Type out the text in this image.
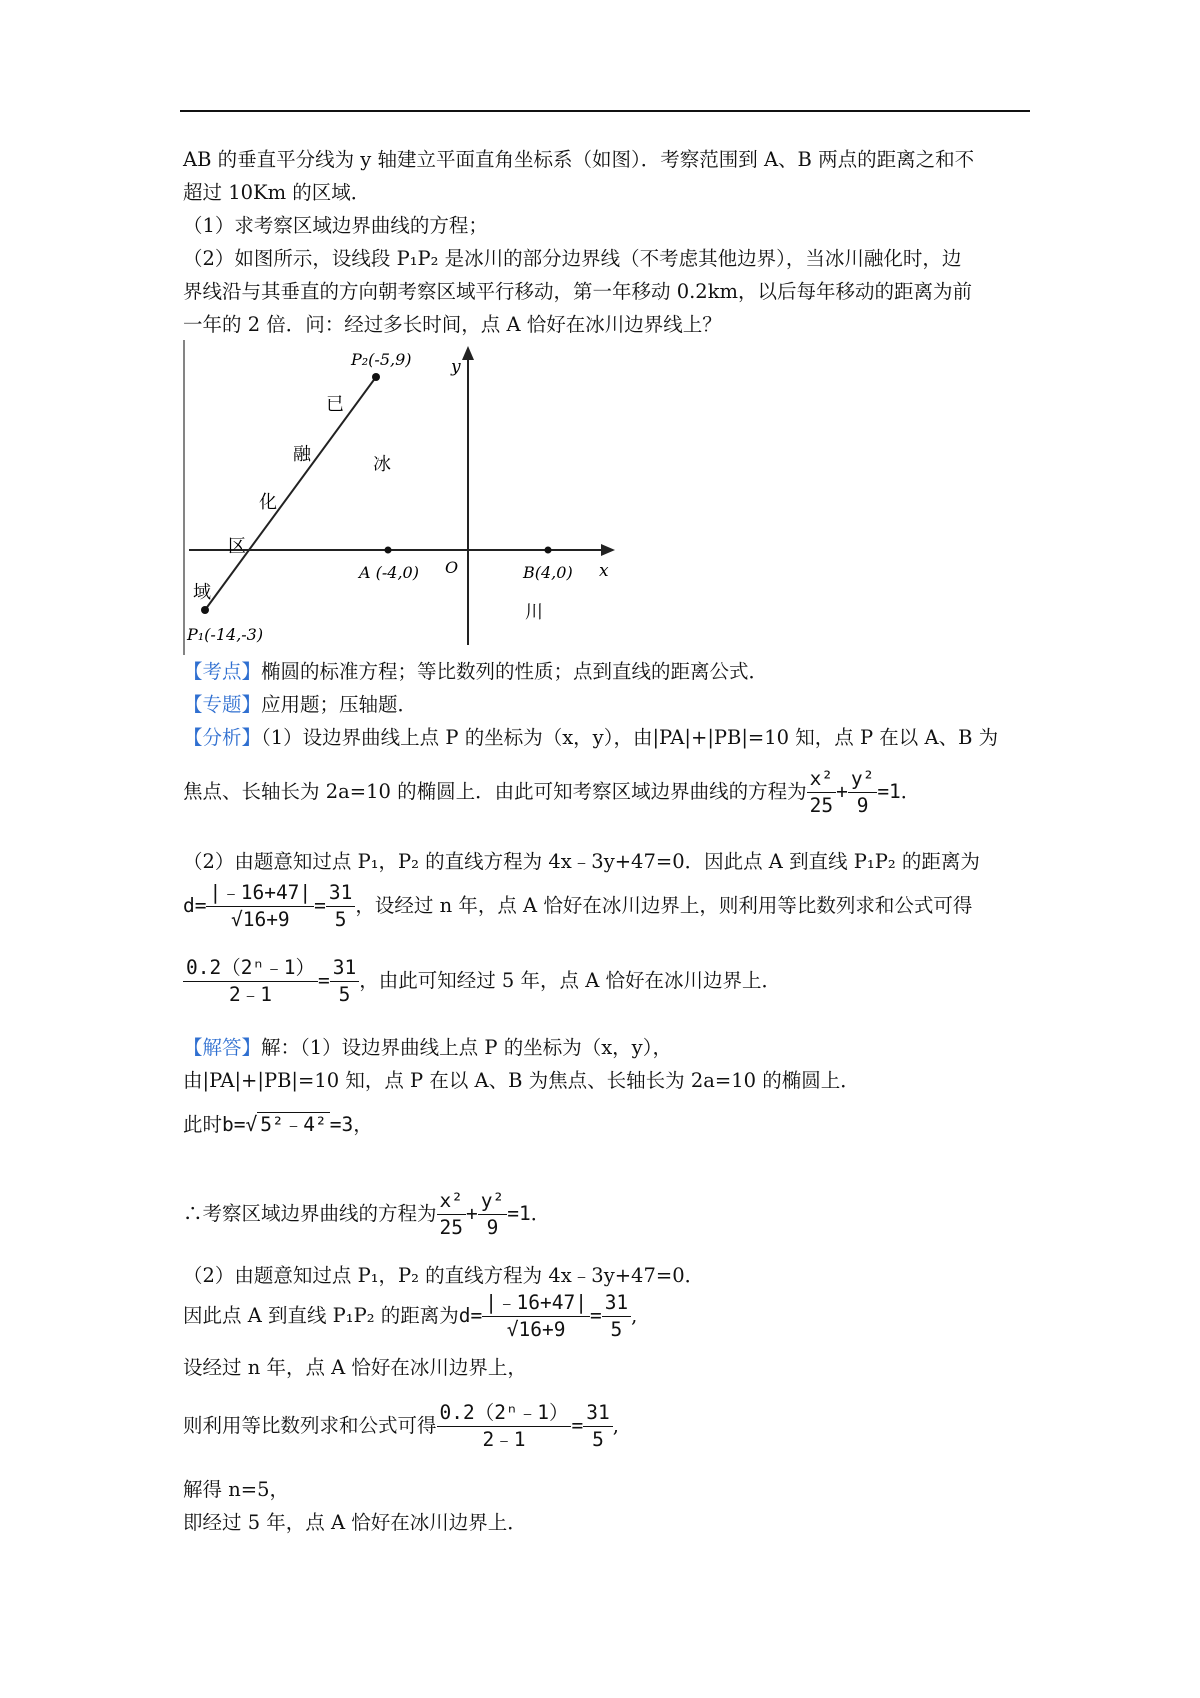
AB 的垂直平分线为 y 轴建立平面直角坐标系（如图）．考察范围到 A、B 两点的距离之和不
超过 10Km 的区域．
（1）求考察区域边界曲线的方程；
（2）如图所示，设线段 P₁P₂ 是冰川的部分边界线（不考虑其他边界），当冰川融化时，边
界线沿与其垂直的方向朝考察区域平行移动，第一年移动 0.2km，以后每年移动的距离为前
一年的 2 倍．问：经过多长时间，点 A 恰好在冰川边界线上？
y
x
O
P₂(-5,9)
P₁(-14,-3)
A (-4,0)	B(4,0)
已
融
化
区
域
冰
川
【考点】椭圆的标准方程；等比数列的性质；点到直线的距离公式．
【专题】应用题；压轴题．
【分析】（1）设边界曲线上点 P 的坐标为（x，y），由|PA|+|PB|=10 知，点 P 在以 A、B 为
焦点、长轴长为 2a=10 的椭圆上．由此可知考察区域边界曲线的方程为 $\frac{\text{x²}}{25} + \frac{\text{y²}}{9} =1$．
（2）由题意知过点 P₁，P₂ 的直线方程为 4x﹣3y+47=0．因此点 A 到直线 P₁P₂ 的距离为
$d= \frac{|﹣16+47|}{√16+9} = \frac{31}{5}$ ，设经过 n 年，点 A 恰好在冰川边界上，则利用等比数列求和公式可得
$\frac{\text{0.2（2ⁿ﹣1）}}{2﹣1} = \frac{31}{5}$ ，由此可知经过 5 年，点 A 恰好在冰川边界上．
【解答】解：（1）设边界曲线上点 P 的坐标为（x，y），
由|PA|+|PB|=10 知，点 P 在以 A、B 为焦点、长轴长为 2a=10 的椭圆上．
此时b=√ 5²﹣4² =3，
∴考察区域边界曲线的方程为 $\frac{\text{x²}}{25} + \frac{\text{y²}}{9} =1$．
（2）由题意知过点 P₁，P₂ 的直线方程为 4x﹣3y+47=0．
因此点 A 到直线 P₁P₂ 的距离为$d= \frac{|﹣16+47|}{√16+9} = \frac{31}{5}$ ,
设经过 n 年，点 A 恰好在冰川边界上，
则利用等比数列求和公式可得 $\frac{\text{0.2（2ⁿ﹣1）}}{2﹣1} = \frac{31}{5}$ ,
解得 n=5，
即经过 5 年，点 A 恰好在冰川边界上．
